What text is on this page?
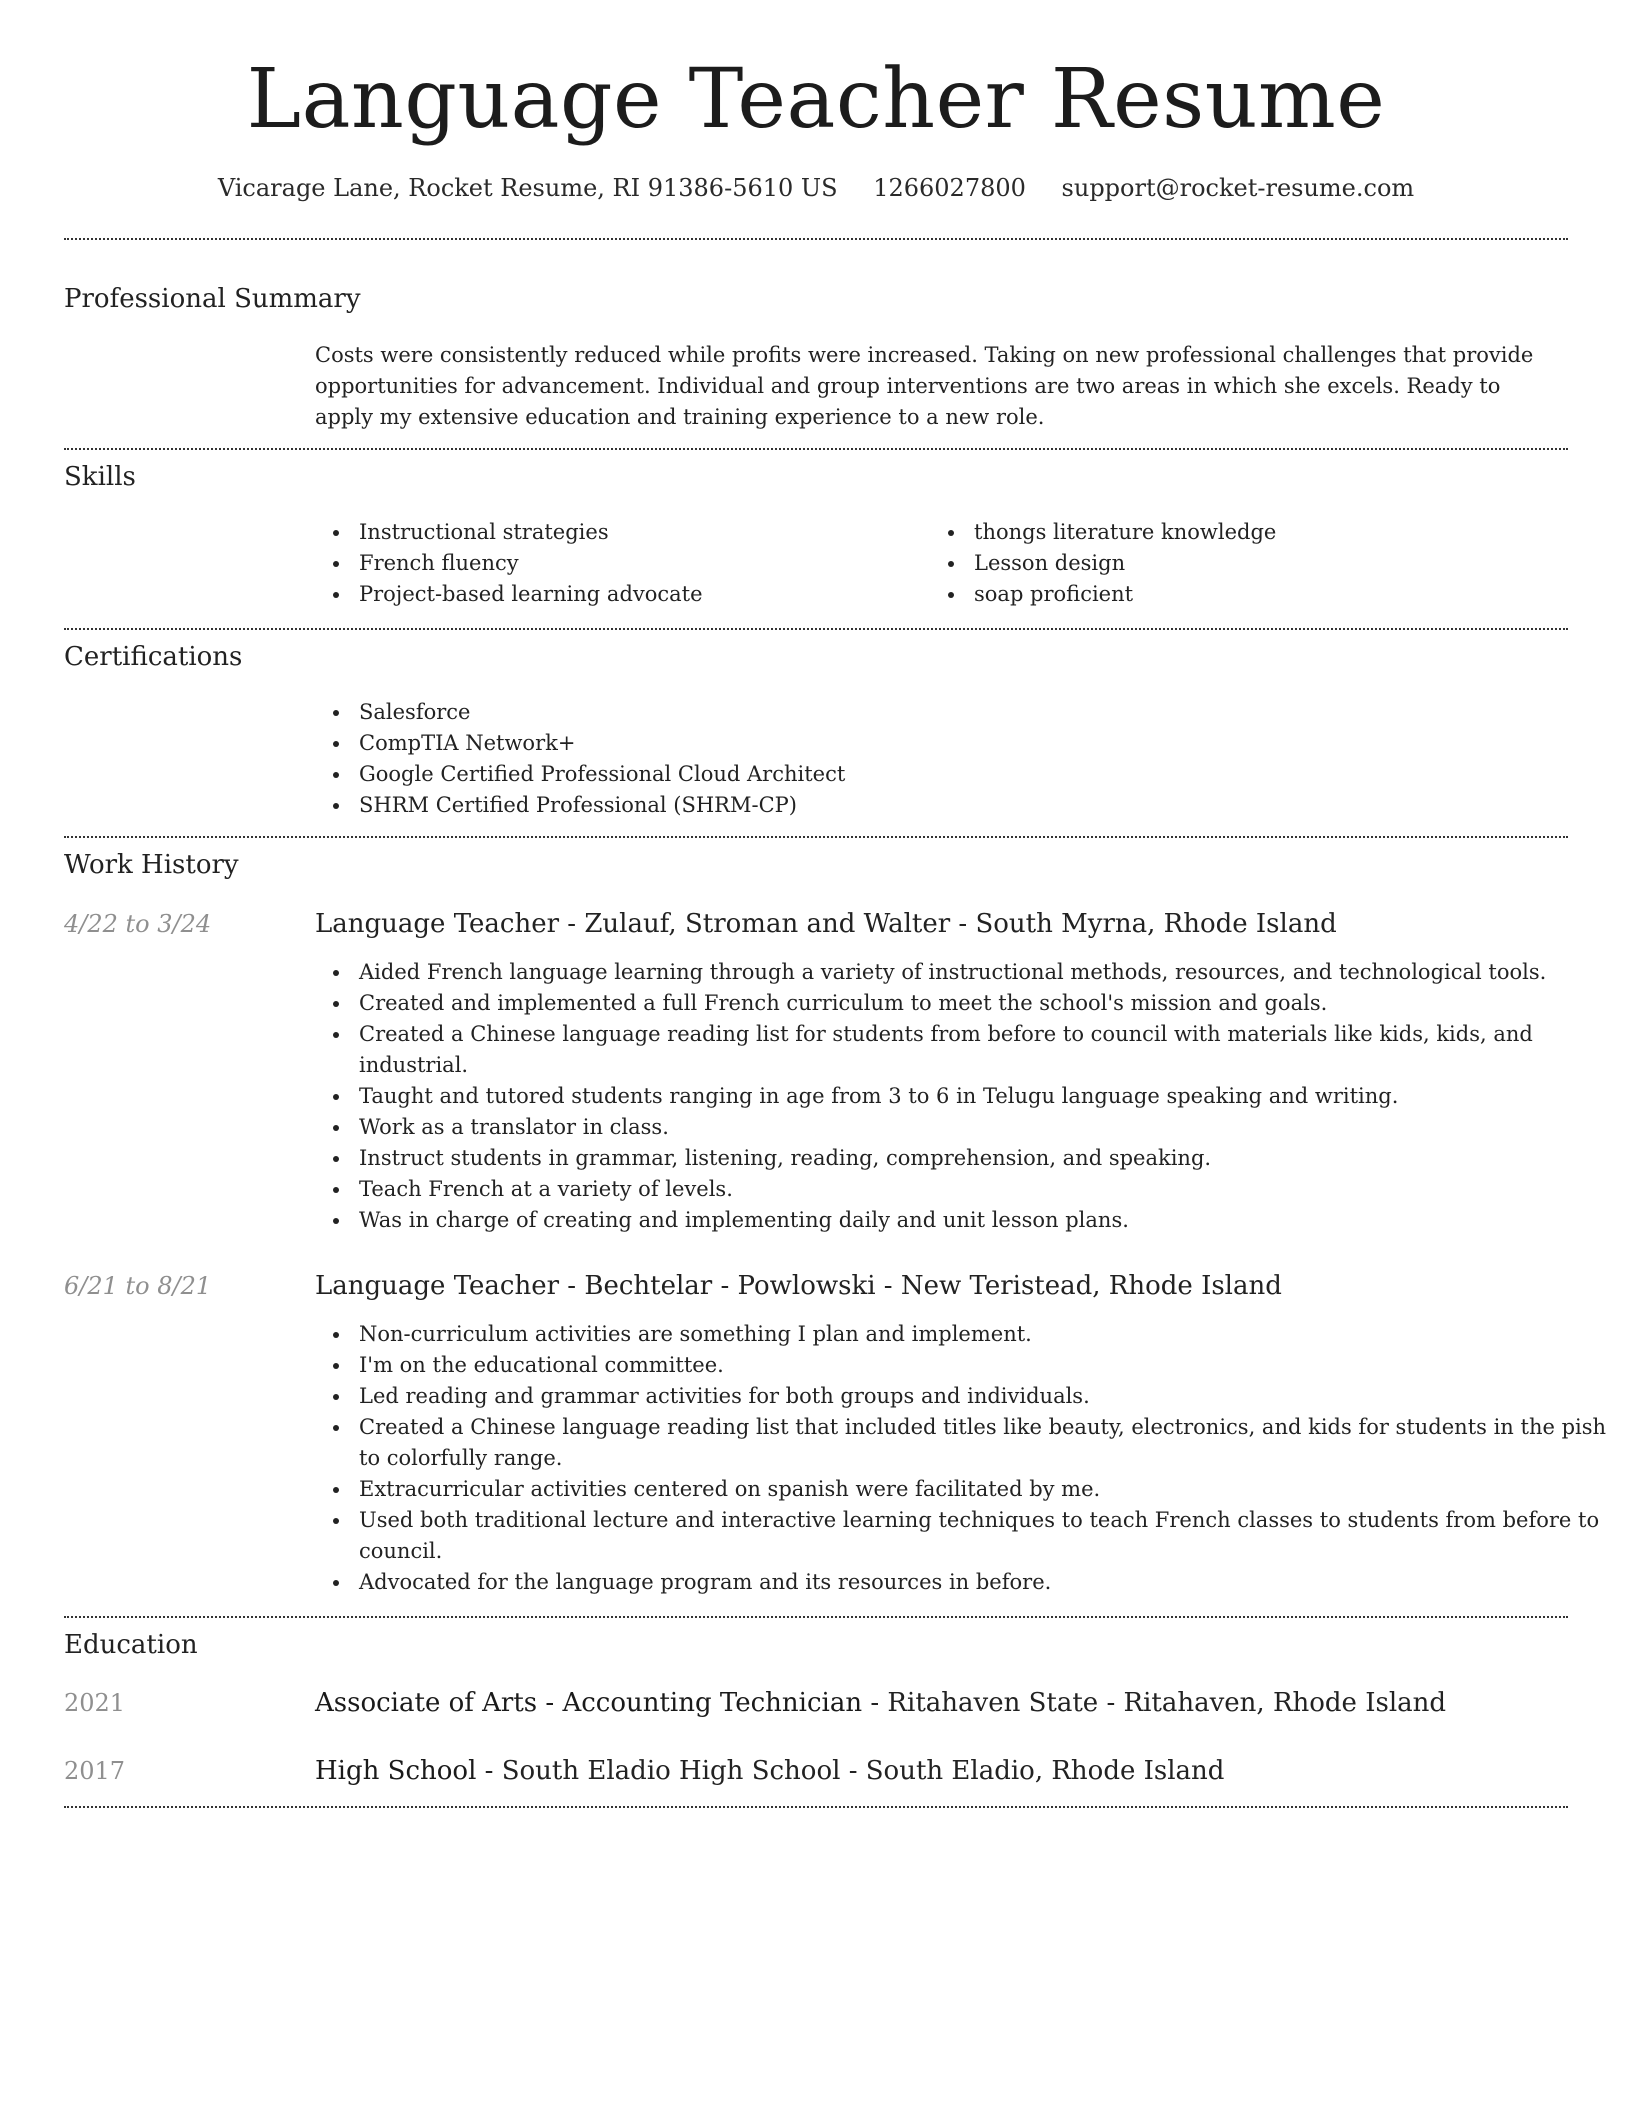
Language Teacher Resume
Vicarage Lane, Rocket Resume, RI 91386-5610 US 1266027800 support@rocket-resume.com
Professional Summary
Costs were consistently reduced while profits were increased. Taking on new professional challenges that provide opportunities for advancement. Individual and group interventions are two areas in which she excels. Ready to apply my extensive education and training experience to a new role.
Skills
Instructional strategies
French fluency
Project-based learning advocate
thongs literature knowledge
Lesson design
soap proficient
Certifications
Salesforce
CompTIA Network+
Google Certified Professional Cloud Architect
SHRM Certified Professional (SHRM-CP)
Work History
4/22 to 3/24	Language Teacher - Zulauf, Stroman and Walter - South Myrna, Rhode Island
Aided French language learning through a variety of instructional methods, resources, and technological tools.
Created and implemented a full French curriculum to meet the school's mission and goals.
Created a Chinese language reading list for students from before to council with materials like kids, kids, and industrial.
Taught and tutored students ranging in age from 3 to 6 in Telugu language speaking and writing.
Work as a translator in class.
Instruct students in grammar, listening, reading, comprehension, and speaking.
Teach French at a variety of levels.
Was in charge of creating and implementing daily and unit lesson plans.
6/21 to 8/21	Language Teacher - Bechtelar - Powlowski - New Teristead, Rhode Island
Non-curriculum activities are something I plan and implement.
I'm on the educational committee.
Led reading and grammar activities for both groups and individuals.
Created a Chinese language reading list that included titles like beauty, electronics, and kids for students in the pish to colorfully range.
Extracurricular activities centered on spanish were facilitated by me.
Used both traditional lecture and interactive learning techniques to teach French classes to students from before to council.
Advocated for the language program and its resources in before.
Education
2021	Associate of Arts - Accounting Technician - Ritahaven State - Ritahaven, Rhode Island
2017	High School - South Eladio High School - South Eladio, Rhode Island
